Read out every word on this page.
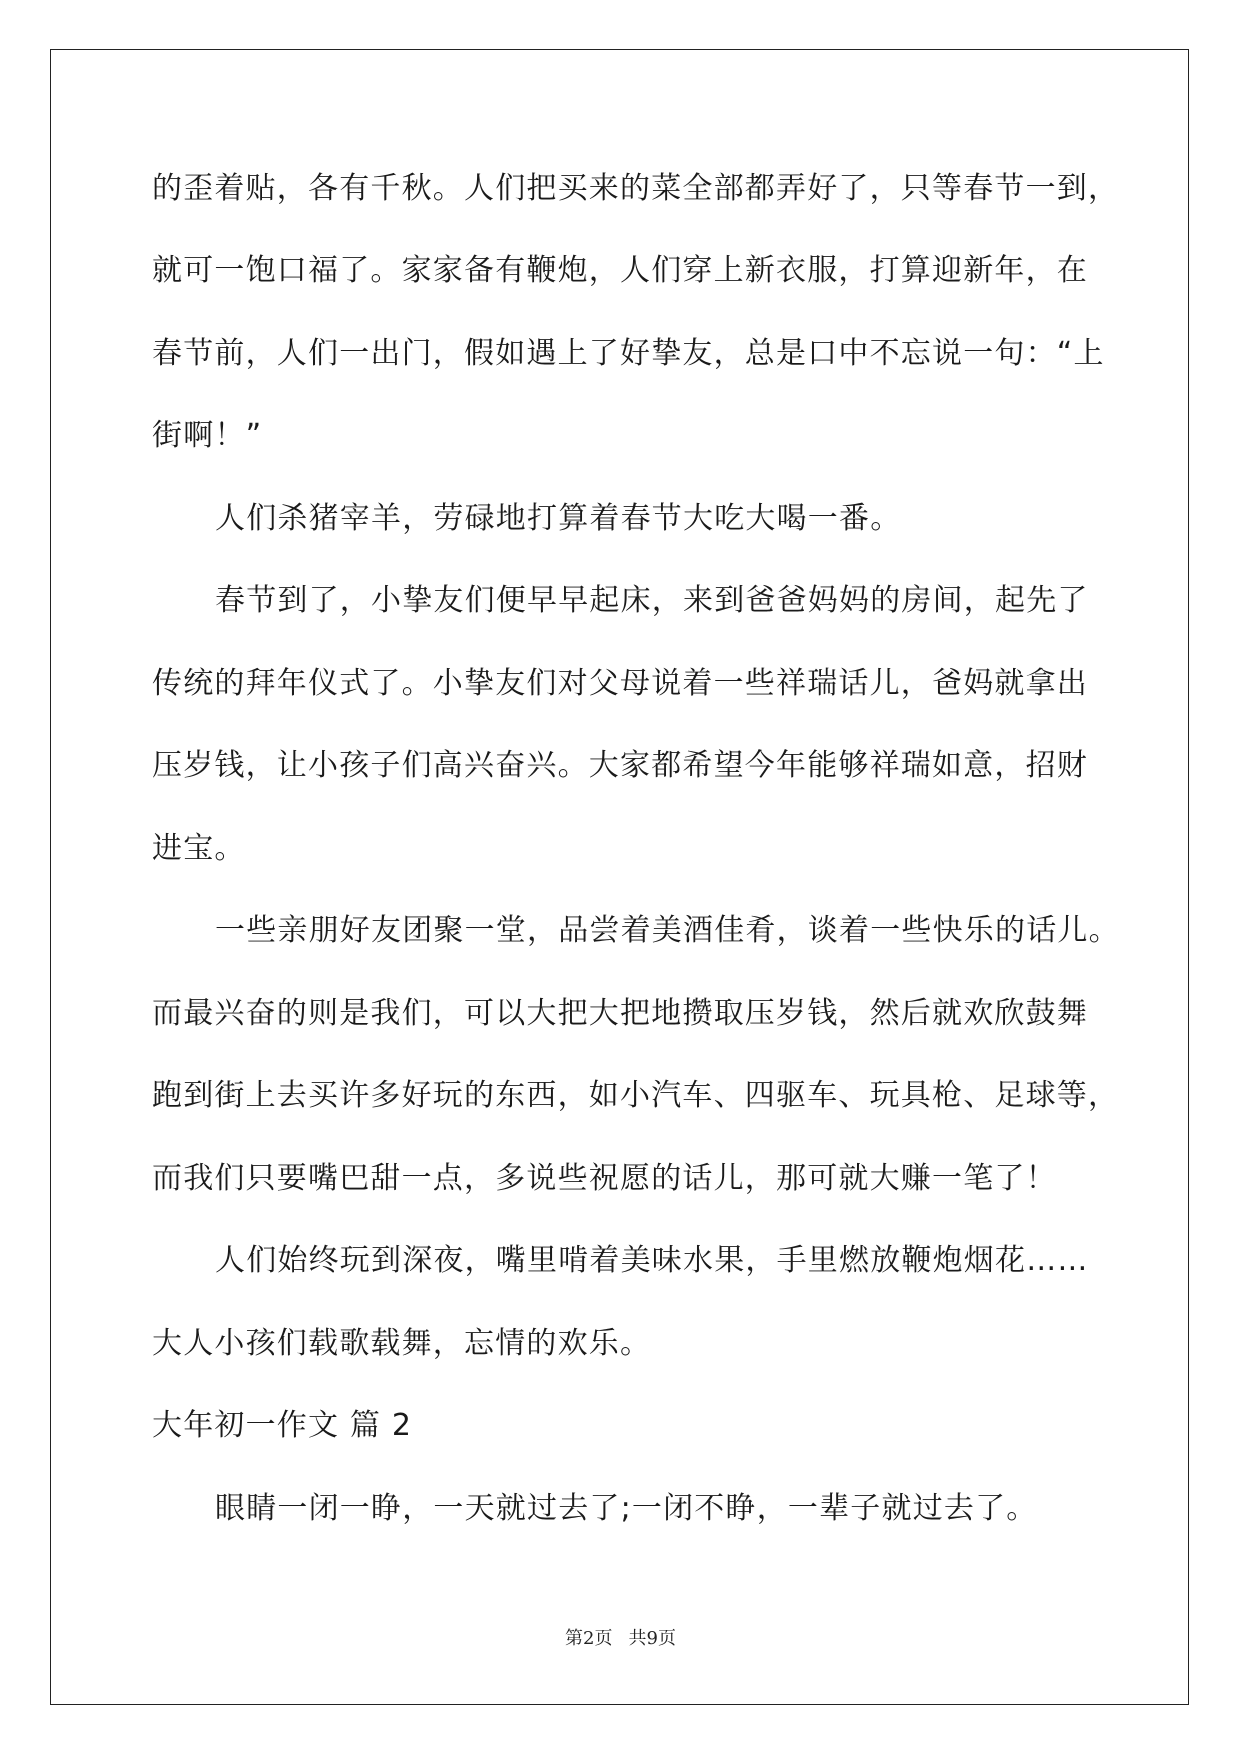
的歪着贴，各有千秋。人们把买来的菜全部都弄好了，只等春节一到，
就可一饱口福了。家家备有鞭炮，人们穿上新衣服，打算迎新年，在
春节前，人们一出门，假如遇上了好挚友，总是口中不忘说一句：“上
街啊！”
人们杀猪宰羊，劳碌地打算着春节大吃大喝一番。
春节到了，小挚友们便早早起床，来到爸爸妈妈的房间，起先了
传统的拜年仪式了。小挚友们对父母说着一些祥瑞话儿，爸妈就拿出
压岁钱，让小孩子们高兴奋兴。大家都希望今年能够祥瑞如意，招财
进宝。
一些亲朋好友团聚一堂，品尝着美酒佳肴，谈着一些快乐的话儿。
而最兴奋的则是我们，可以大把大把地攒取压岁钱，然后就欢欣鼓舞
跑到街上去买许多好玩的东西，如小汽车、四驱车、玩具枪、足球等，
而我们只要嘴巴甜一点，多说些祝愿的话儿，那可就大赚一笔了！
人们始终玩到深夜，嘴里啃着美味水果，手里燃放鞭炮烟花……
大人小孩们载歌载舞，忘情的欢乐。
大年初一作文 篇 2
眼睛一闭一睁，一天就过去了;一闭不睁，一辈子就过去了。
第2页 共9页
